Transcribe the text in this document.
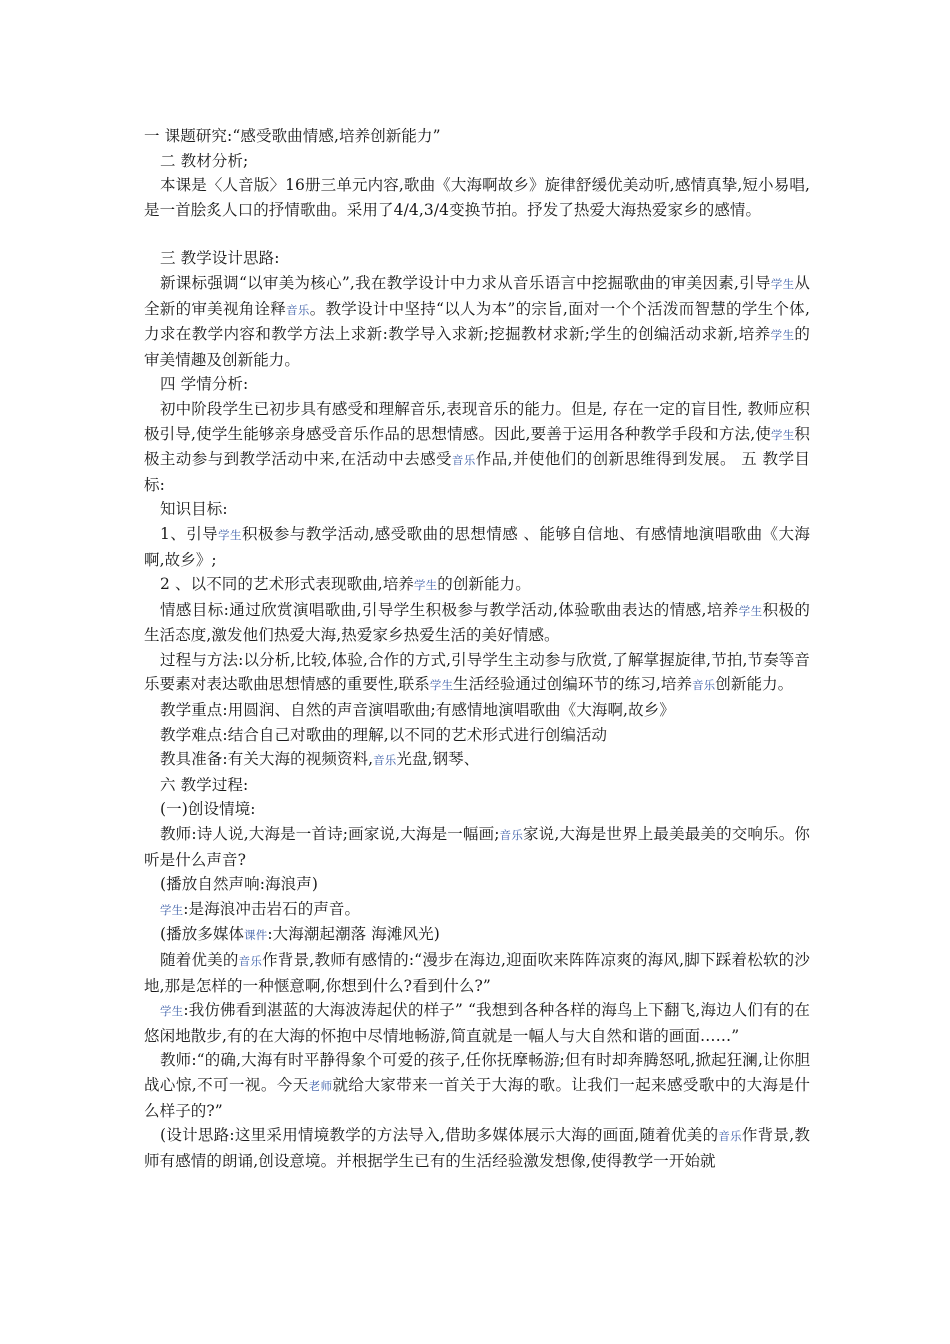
一 课题研究:“感受歌曲情感,培养创新能力”

二 教材分析;

本课是〈人音版〉16册三单元内容,歌曲《大海啊故乡》旋律舒缓优美动听,感情真挚,短小易唱,是一首脍炙人口的抒情歌曲。采用了4/4,3/4变换节拍。抒发了热爱大海热爱家乡的感情。

三 教学设计思路:

新课标强调“以审美为核心”,我在教学设计中力求从音乐语言中挖掘歌曲的审美因素,引导学生从全新的审美视角诠释音乐。教学设计中坚持“以人为本”的宗旨,面对一个个活泼而智慧的学生个体,力求在教学内容和教学方法上求新:教学导入求新;挖掘教材求新;学生的创编活动求新,培养学生的审美情趣及创新能力。

四 学情分析:

初中阶段学生已初步具有感受和理解音乐,表现音乐的能力。但是, 存在一定的盲目性, 教师应积极引导,使学生能够亲身感受音乐作品的思想情感。因此,要善于运用各种教学手段和方法,使学生积极主动参与到教学活动中来,在活动中去感受音乐作品,并使他们的创新思维得到发展。 五 教学目标:

知识目标:

1、引导学生积极参与教学活动,感受歌曲的思想情感 、能够自信地、有感情地演唱歌曲《大海啊,故乡》;

2 、以不同的艺术形式表现歌曲,培养学生的创新能力。

情感目标:通过欣赏演唱歌曲,引导学生积极参与教学活动,体验歌曲表达的情感,培养学生积极的生活态度,激发他们热爱大海,热爱家乡热爱生活的美好情感。

过程与方法:以分析,比较,体验,合作的方式,引导学生主动参与欣赏,了解掌握旋律,节拍,节奏等音乐要素对表达歌曲思想情感的重要性,联系学生生活经验通过创编环节的练习,培养音乐创新能力。

教学重点:用圆润、自然的声音演唱歌曲;有感情地演唱歌曲《大海啊,故乡》

教学难点:结合自己对歌曲的理解,以不同的艺术形式进行创编活动

教具准备:有关大海的视频资料,音乐光盘,钢琴、

六 教学过程:

(一)创设情境:

教师:诗人说,大海是一首诗;画家说,大海是一幅画;音乐家说,大海是世界上最美最美的交响乐。你听是什么声音?

(播放自然声响:海浪声)

学生:是海浪冲击岩石的声音。

(播放多媒体课件:大海潮起潮落 海滩风光)

随着优美的音乐作背景,教师有感情的:“漫步在海边,迎面吹来阵阵凉爽的海风,脚下踩着松软的沙地,那是怎样的一种惬意啊,你想到什么?看到什么?”

学生:我仿佛看到湛蓝的大海波涛起伏的样子” “我想到各种各样的海鸟上下翻飞,海边人们有的在悠闲地散步,有的在大海的怀抱中尽情地畅游,简直就是一幅人与大自然和谐的画面……”

教师:“的确,大海有时平静得象个可爱的孩子,任你抚摩畅游;但有时却奔腾怒吼,掀起狂澜,让你胆战心惊,不可一视。今天老师就给大家带来一首关于大海的歌。让我们一起来感受歌中的大海是什么样子的?”

(设计思路:这里采用情境教学的方法导入,借助多媒体展示大海的画面,随着优美的音乐作背景,教师有感情的朗诵,创设意境。并根据学生已有的生活经验激发想像,使得教学一开始就
